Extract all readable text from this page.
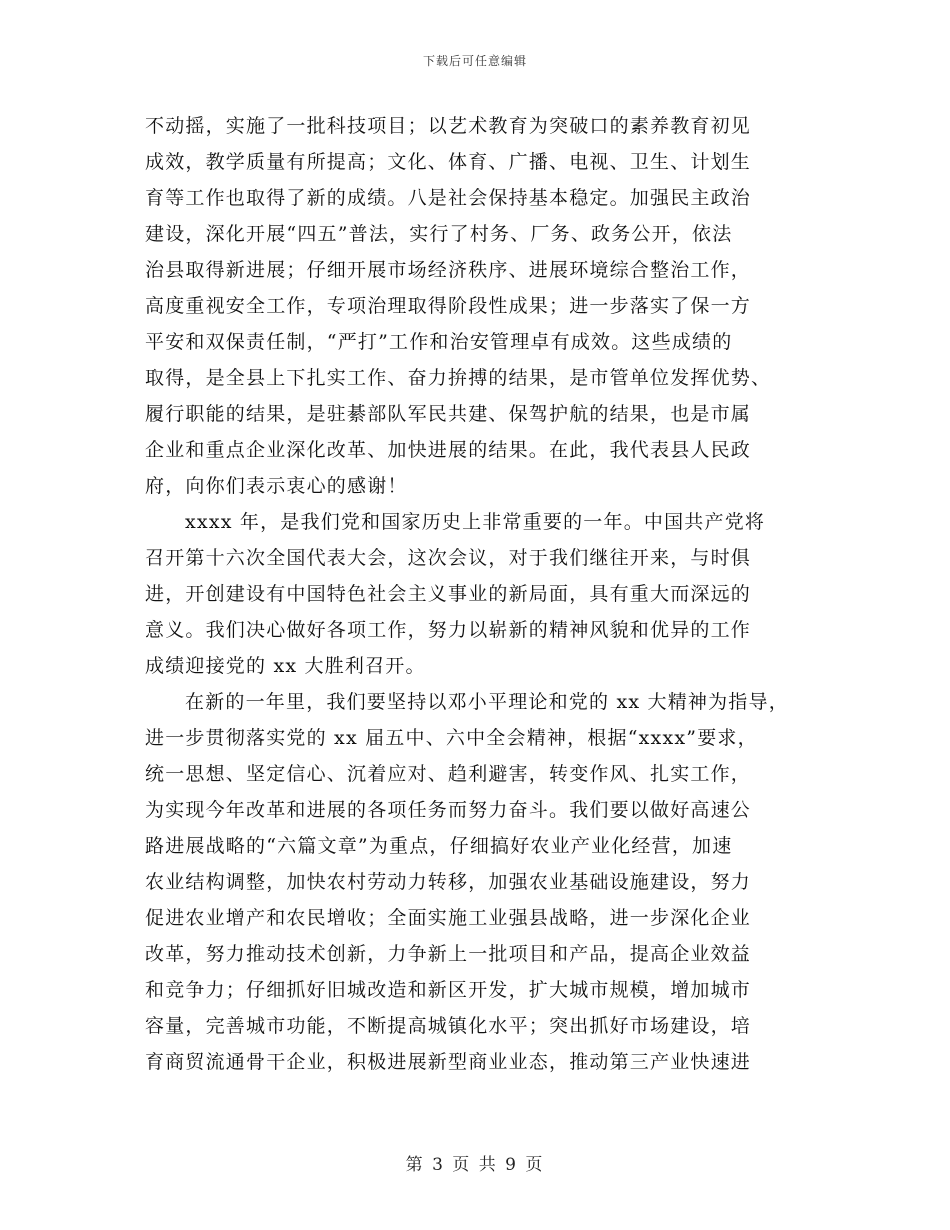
下载后可任意编辑
不动摇，实施了一批科技项目；以艺术教育为突破口的素养教育初见
成效，教学质量有所提高；文化、体育、广播、电视、卫生、计划生
育等工作也取得了新的成绩。八是社会保持基本稳定。加强民主政治
建设，深化开展“四五”普法，实行了村务、厂务、政务公开，依法
治县取得新进展；仔细开展市场经济秩序、进展环境综合整治工作，
高度重视安全工作，专项治理取得阶段性成果；进一步落实了保一方
平安和双保责任制，“严打”工作和治安管理卓有成效。这些成绩的
取得，是全县上下扎实工作、奋力拚搏的结果，是市管单位发挥优势、
履行职能的结果，是驻綦部队军民共建、保驾护航的结果，也是市属
企业和重点企业深化改革、加快进展的结果。在此，我代表县人民政
府，向你们表示衷心的感谢！
xxxx 年，是我们党和国家历史上非常重要的一年。中国共产党将
召开第十六次全国代表大会，这次会议，对于我们继往开来，与时俱
进，开创建设有中国特色社会主义事业的新局面，具有重大而深远的
意义。我们决心做好各项工作，努力以崭新的精神风貌和优异的工作
成绩迎接党的 xx 大胜利召开。
在新的一年里，我们要坚持以邓小平理论和党的 xx 大精神为指导，
进一步贯彻落实党的 xx 届五中、六中全会精神，根据“xxxx”要求，
统一思想、坚定信心、沉着应对、趋利避害，转变作风、扎实工作，
为实现今年改革和进展的各项任务而努力奋斗。我们要以做好高速公
路进展战略的“六篇文章”为重点，仔细搞好农业产业化经营，加速
农业结构调整，加快农村劳动力转移，加强农业基础设施建设，努力
促进农业增产和农民增收；全面实施工业强县战略，进一步深化企业
改革，努力推动技术创新，力争新上一批项目和产品，提高企业效益
和竞争力；仔细抓好旧城改造和新区开发，扩大城市规模，增加城市
容量，完善城市功能，不断提高城镇化水平；突出抓好市场建设，培
育商贸流通骨干企业，积极进展新型商业业态，推动第三产业快速进
第 3 页 共 9 页
